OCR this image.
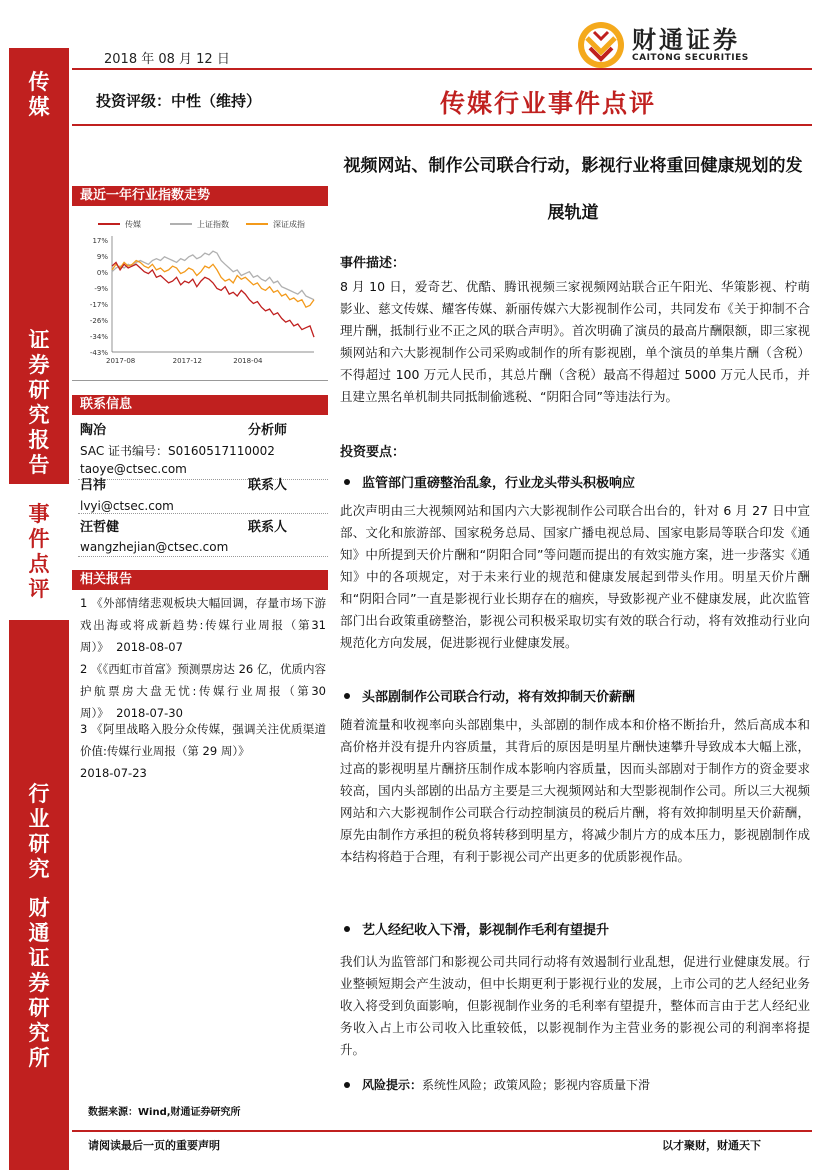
传
媒
证
券
研
究
报
告
事
件
点
评
行
业
研
究
财
通
证
券
研
究
所
2018 年 08 月 12 日
投资评级：中性（维持）	传媒行业事件点评
财通证券
CAITONG SECURITIES
视频网站、制作公司联合行动，影视行业将重回健康规划的发展轨道
最近一年行业指数走势
传媒	上证指数	深证成指
17%
9%
0%
-9%
-17%
-26%
-34%
-43%
2017-08	2017-12	2018-04
联系信息
陶冶	分析师
SAC 证书编号：S0160517110002
taoye@ctsec.com
吕祎	联系人
lvyi@ctsec.com
汪哲健	联系人
wangzhejian@ctsec.com
相关报告
1 《外部情绪悲观板块大幅回调，存量市场下游戏出海或将成新趋势:传媒行业周报（第31周）》 2018-08-07
2 《《西虹市首富》预测票房达 26 亿，优质内容护航票房大盘无忧:传媒行业周报（第30周）》 2018-07-30
3 《阿里战略入股分众传媒，强调关注优质渠道价值:传媒行业周报（第 29 周）》
2018-07-23
数据来源：Wind,财通证券研究所
事件描述：
8 月 10 日，爱奇艺、优酷、腾讯视频三家视频网站联合正午阳光、华策影视、柠萌影业、慈文传媒、耀客传媒、新丽传媒六大影视制作公司，共同发布《关于抑制不合理片酬，抵制行业不正之风的联合声明》。首次明确了演员的最高片酬限额，即三家视频网站和六大影视制作公司采购或制作的所有影视剧，单个演员的单集片酬（含税）不得超过 100 万元人民币，其总片酬（含税）最高不得超过 5000 万元人民币，并且建立黑名单机制共同抵制偷逃税、“阴阳合同”等违法行为。
投资要点：
监管部门重磅整治乱象，行业龙头带头积极响应
此次声明由三大视频网站和国内六大影视制作公司联合出台的，针对 6 月 27 日中宣部、文化和旅游部、国家税务总局、国家广播电视总局、国家电影局等联合印发《通知》中所提到天价片酬和“阴阳合同”等问题而提出的有效实施方案，进一步落实《通知》中的各项规定，对于未来行业的规范和健康发展起到带头作用。明星天价片酬和“阴阳合同”一直是影视行业长期存在的痼疾，导致影视产业不健康发展，此次监管部门出台政策重磅整治，影视公司积极采取切实有效的联合行动，将有效推动行业向规范化方向发展，促进影视行业健康发展。
头部剧制作公司联合行动，将有效抑制天价薪酬
随着流量和收视率向头部剧集中，头部剧的制作成本和价格不断抬升，然后高成本和高价格并没有提升内容质量，其背后的原因是明星片酬快速攀升导致成本大幅上涨，过高的影视明星片酬挤压制作成本影响内容质量，因而头部剧对于制作方的资金要求较高，国内头部剧的出品方主要是三大视频网站和大型影视制作公司。所以三大视频网站和六大影视制作公司联合行动控制演员的税后片酬，将有效抑制明星天价薪酬，原先由制作方承担的税负将转移到明星方，将减少制片方的成本压力，影视剧制作成本结构将趋于合理，有利于影视公司产出更多的优质影视作品。
艺人经纪收入下滑，影视制作毛利有望提升
我们认为监管部门和影视公司共同行动将有效遏制行业乱想，促进行业健康发展。行业整顿短期会产生波动，但中长期更利于影视行业的发展，上市公司的艺人经纪业务收入将受到负面影响，但影视制作业务的毛利率有望提升，整体而言由于艺人经纪业务收入占上市公司收入比重较低，以影视制作为主营业务的影视公司的利润率将提升。
风险提示： 系统性风险；政策风险；影视内容质量下滑
请阅读最后一页的重要声明	以才聚财，财通天下
